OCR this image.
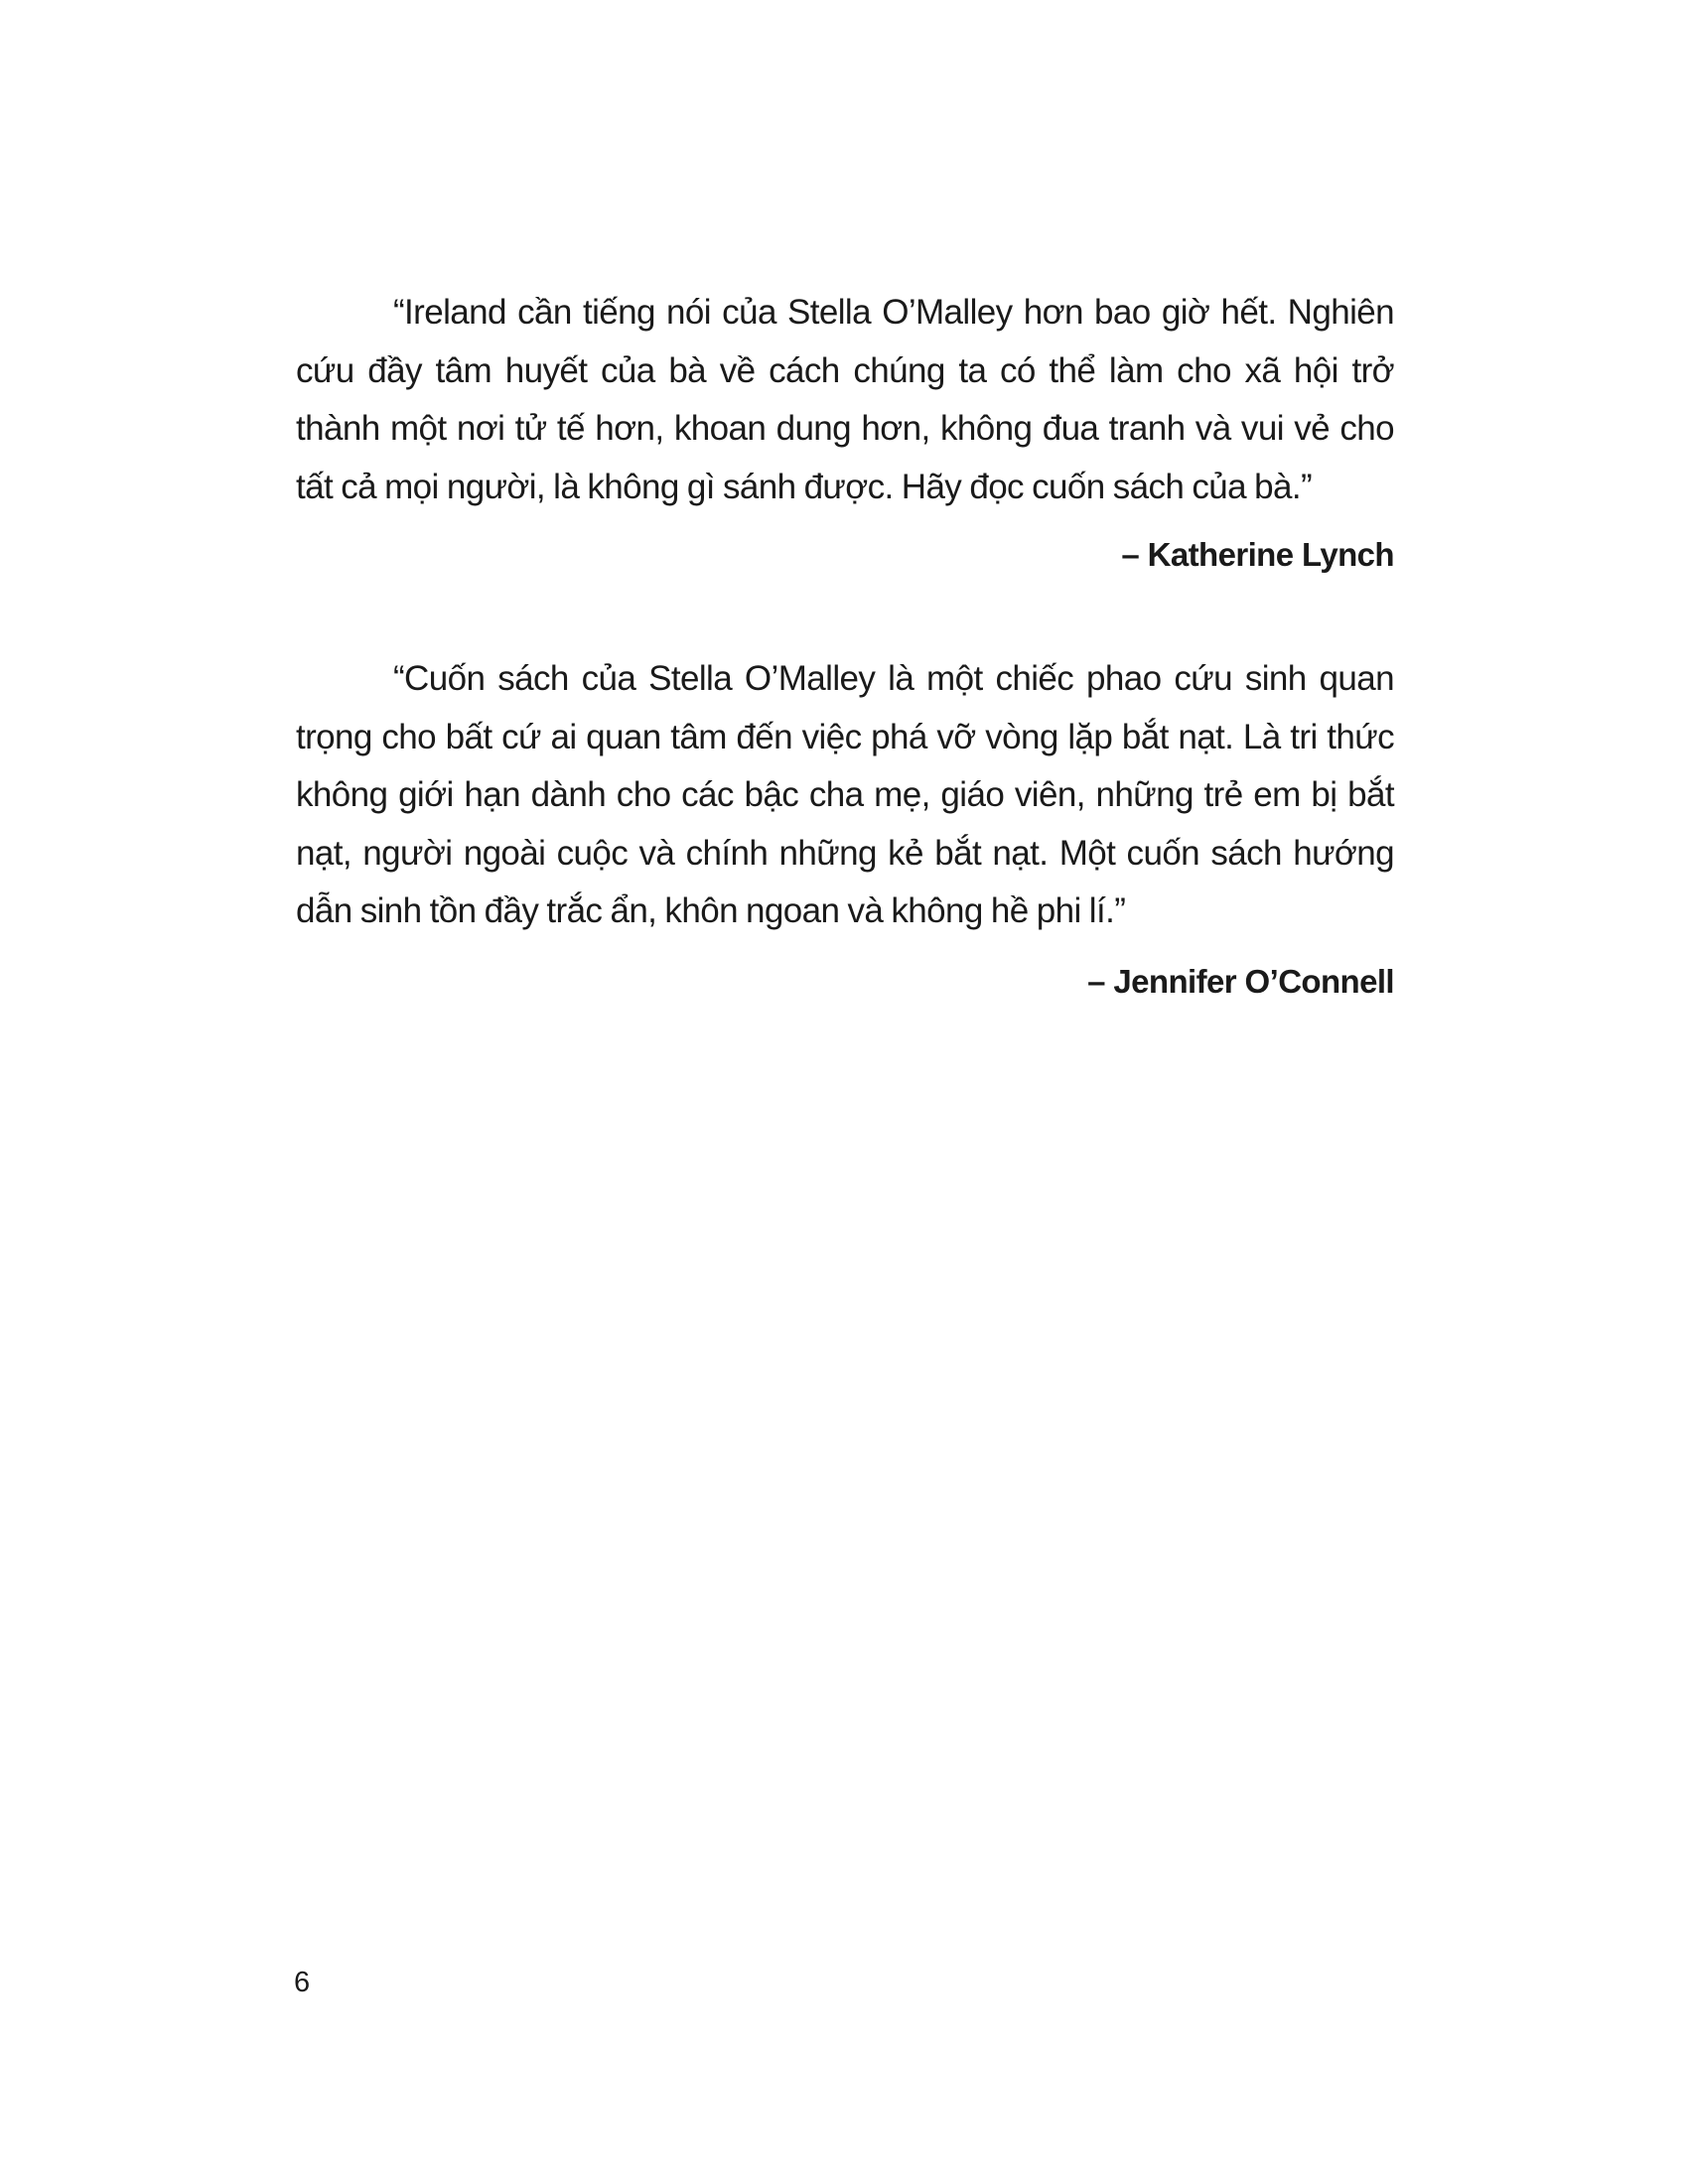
“Ireland cần tiếng nói của Stella O’Malley hơn bao giờ hết. Nghiên cứu đầy tâm huyết của bà về cách chúng ta có thể làm cho xã hội trở thành một nơi tử tế hơn, khoan dung hơn, không đua tranh và vui vẻ cho tất cả mọi người, là không gì sánh được. Hãy đọc cuốn sách của bà.”

– Katherine Lynch

“Cuốn sách của Stella O’Malley là một chiếc phao cứu sinh quan trọng cho bất cứ ai quan tâm đến việc phá vỡ vòng lặp bắt nạt. Là tri thức không giới hạn dành cho các bậc cha mẹ, giáo viên, những trẻ em bị bắt nạt, người ngoài cuộc và chính những kẻ bắt nạt. Một cuốn sách hướng dẫn sinh tồn đầy trắc ẩn, khôn ngoan và không hề phi lí.”

– Jennifer O’Connell

6
